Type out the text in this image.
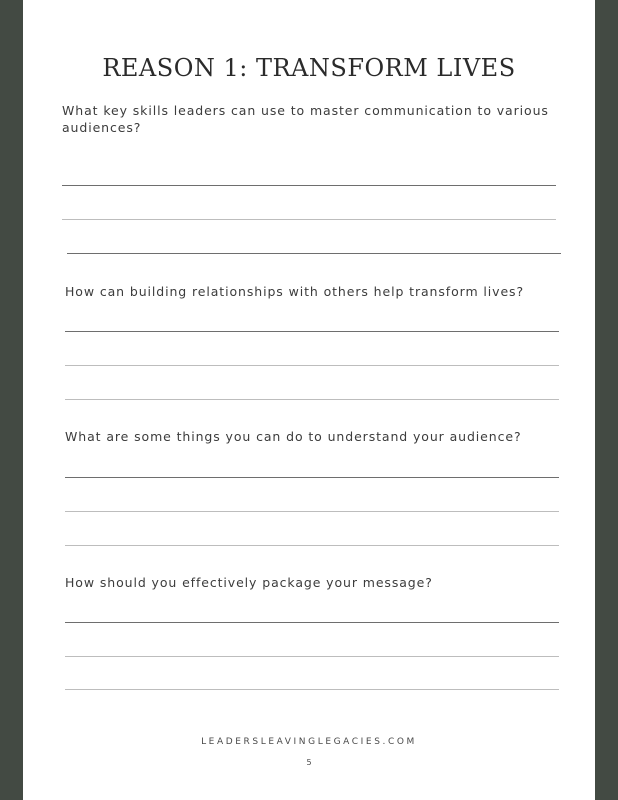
REASON 1: TRANSFORM LIVES

What key skills leaders can use to master communication to various audiences?

How can building relationships with others help transform lives?

What are some things you can do to understand your audience?

How should you effectively package your message?

LEADERSLEAVINGLEGACIES.COM
5
